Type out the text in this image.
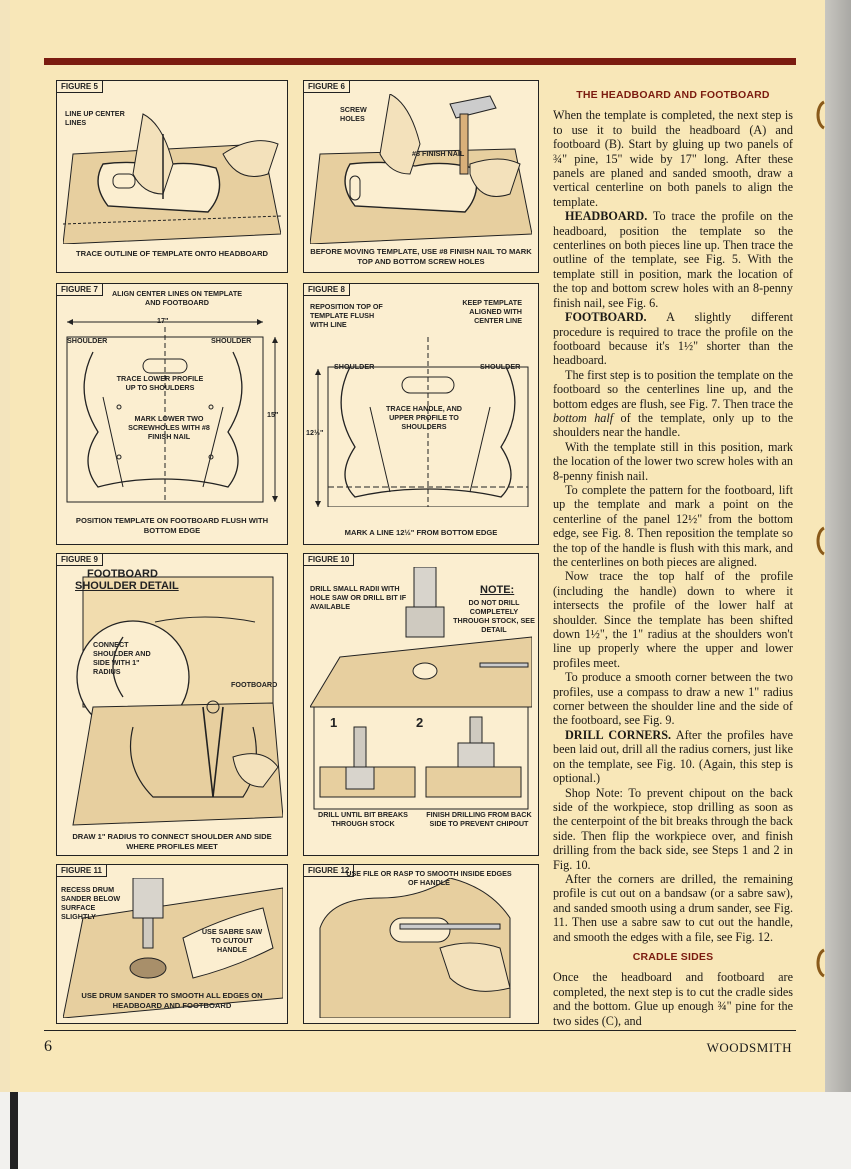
FIGURE 5
LINE UP CENTER LINES
TRACE OUTLINE OF TEMPLATE ONTO HEADBOARD
FIGURE 6
SCREW HOLES
#8 FINISH NAIL
BEFORE MOVING TEMPLATE, USE #8 FINISH NAIL TO MARK TOP AND BOTTOM SCREW HOLES
FIGURE 7	ALIGN CENTER LINES ON TEMPLATE AND FOOTBOARD
17"
SHOULDER	SHOULDER
TRACE LOWER PROFILE UP TO SHOULDERS
MARK LOWER TWO SCREWHOLES WITH #8 FINISH NAIL
15"
POSITION TEMPLATE ON FOOTBOARD FLUSH WITH BOTTOM EDGE
FIGURE 8
REPOSITION TOP OF TEMPLATE FLUSH WITH LINE
KEEP TEMPLATE ALIGNED WITH CENTER LINE
SHOULDER	SHOULDER
TRACE HANDLE, AND UPPER PROFILE TO SHOULDERS
12½"
MARK A LINE 12½" FROM BOTTOM EDGE
FIGURE 9
FOOTBOARD
SHOULDER DETAIL
CONNECT SHOULDER AND SIDE WITH 1" RADIUS
FOOTBOARD
DRAW 1" RADIUS TO CONNECT SHOULDER AND SIDE WHERE PROFILES MEET
FIGURE 10
DRILL SMALL RADII WITH HOLE SAW OR DRILL BIT IF AVAILABLE
NOTE:
DO NOT DRILL COMPLETELY THROUGH STOCK, SEE DETAIL
1	2
DRILL UNTIL BIT BREAKS THROUGH STOCK
FINISH DRILLING FROM BACK SIDE TO PREVENT CHIPOUT
FIGURE 11
RECESS DRUM SANDER BELOW SURFACE SLIGHTLY
USE SABRE SAW TO CUTOUT HANDLE
USE DRUM SANDER TO SMOOTH ALL EDGES ON HEADBOARD AND FOOTBOARD
FIGURE 12
USE FILE OR RASP TO SMOOTH INSIDE EDGES OF HANDLE
THE HEADBOARD AND FOOTBOARD

When the template is completed, the next step is to use it to build the headboard (A) and footboard (B). Start by gluing up two panels of ¾" pine, 15" wide by 17" long. After these panels are planed and sanded smooth, draw a vertical centerline on both panels to align the template.

HEADBOARD. To trace the profile on the headboard, position the template so the centerlines on both pieces line up. Then trace the outline of the template, see Fig. 5. With the template still in position, mark the location of the top and bottom screw holes with an 8-penny finish nail, see Fig. 6.

FOOTBOARD. A slightly different procedure is required to trace the profile on the footboard because it's 1½" shorter than the headboard.

The first step is to position the template on the footboard so the centerlines line up, and the bottom edges are flush, see Fig. 7. Then trace the bottom half of the template, only up to the shoulders near the handle.

With the template still in this position, mark the location of the lower two screw holes with an 8-penny finish nail.

To complete the pattern for the footboard, lift up the template and mark a point on the centerline of the panel 12½" from the bottom edge, see Fig. 8. Then reposition the template so the top of the handle is flush with this mark, and the centerlines on both pieces are aligned.

Now trace the top half of the profile (including the handle) down to where it intersects the profile of the lower half at shoulder. Since the template has been shifted down 1½", the 1" radius at the shoulders won't line up properly where the upper and lower profiles meet.

To produce a smooth corner between the two profiles, use a compass to draw a new 1" radius corner between the shoulder line and the side of the footboard, see Fig. 9.

DRILL CORNERS. After the profiles have been laid out, drill all the radius corners, just like on the template, see Fig. 10. (Again, this step is optional.)

Shop Note: To prevent chipout on the back side of the workpiece, stop drilling as soon as the centerpoint of the bit breaks through the back side. Then flip the workpiece over, and finish drilling from the back side, see Steps 1 and 2 in Fig. 10.

After the corners are drilled, the remaining profile is cut out on a bandsaw (or a sabre saw), and sanded smooth using a drum sander, see Fig. 11. Then use a sabre saw to cut out the handle, and smooth the edges with a file, see Fig. 12.

CRADLE SIDES

Once the headboard and footboard are completed, the next step is to cut the cradle sides and the bottom. Glue up enough ¾" pine for the two sides (C), and

6	WOODSMITH
